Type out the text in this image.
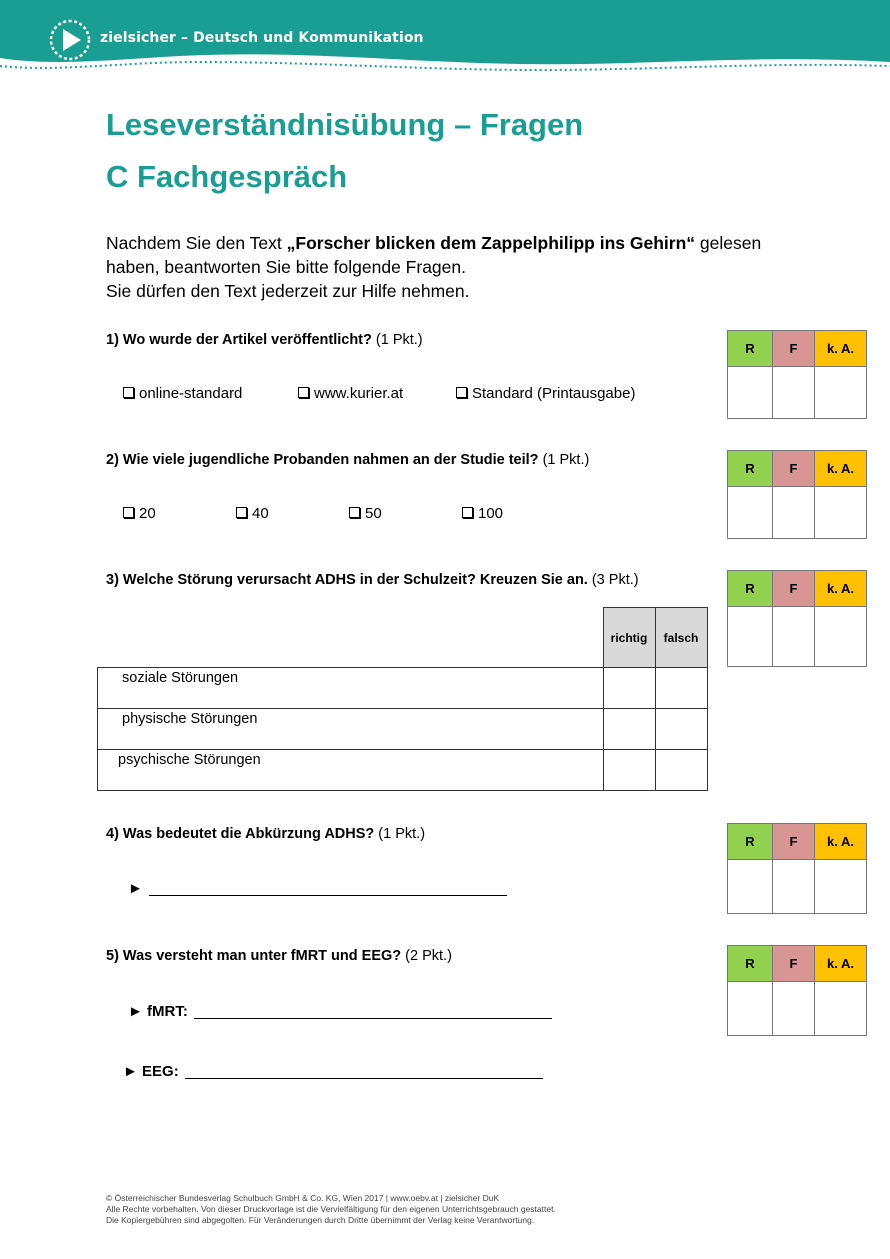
zielsicher – Deutsch und Kommunikation
Leseverständnisübung – Fragen
C Fachgespräch
Nachdem Sie den Text „Forscher blicken dem Zappelphilipp ins Gehirn“ gelesen
haben, beantworten Sie bitte folgende Fragen.
Sie dürfen den Text jederzeit zur Hilfe nehmen.
1) Wo wurde der Artikel veröffentlicht? (1 Pkt.)
online-standard	www.kurier.at	Standard (Printausgabe)
R	F	k. A.

2) Wie viele jugendliche Probanden nahmen an der Studie teil? (1 Pkt.)
20	40	50	100
R	F	k. A.

3) Welche Störung verursacht ADHS in der Schulzeit? Kreuzen Sie an. (3 Pkt.)
R	F	k. A.

	richtig	falsch
soziale Störungen		
physische Störungen		
psychische Störungen		
4) Was bedeutet die Abkürzung ADHS? (1 Pkt.)
►
R	F	k. A.

5) Was versteht man unter fMRT und EEG? (2 Pkt.)
► fMRT:
► EEG:
R	F	k. A.

© Österreichischer Bundesverlag Schulbuch GmbH & Co. KG, Wien 2017 | www.oebv.at | zielsicher DuK
Alle Rechte vorbehalten. Von dieser Druckvorlage ist die Vervielfältigung für den eigenen Unterrichtsgebrauch gestattet.
Die Kopiergebühren sind abgegolten. Für Veränderungen durch Dritte übernimmt der Verlag keine Verantwortung.
